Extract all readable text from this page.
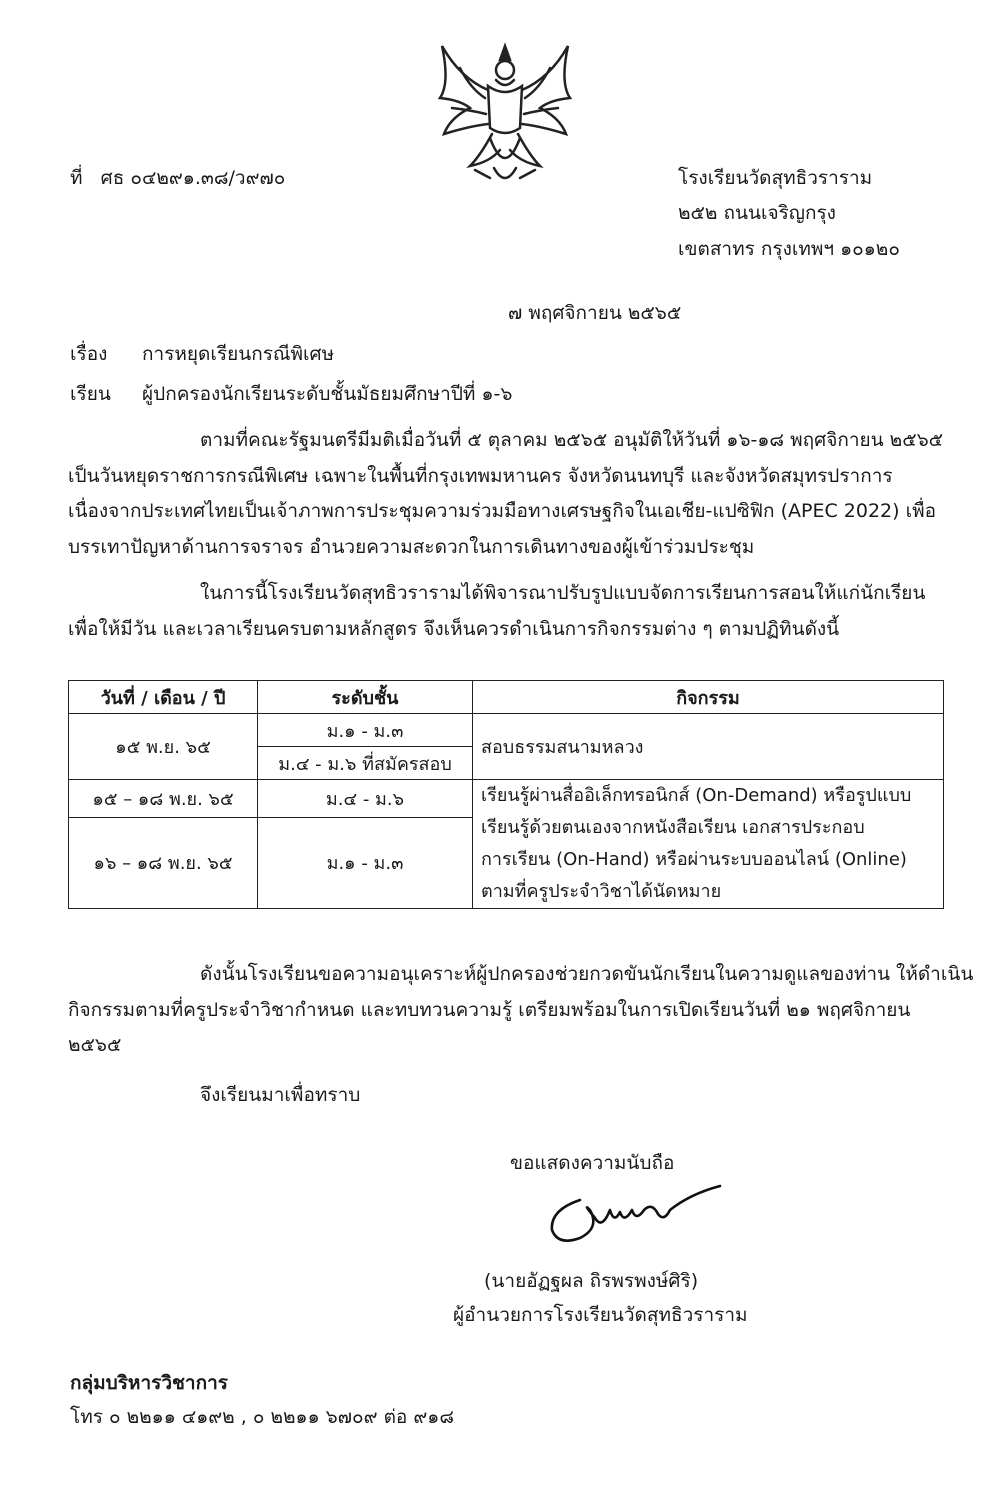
ที่ ศธ ๐๔๒๙๑.๓๘/ว๙๗๐	โรงเรียนวัดสุทธิวราราม
๒๕๒ ถนนเจริญกรุง
เขตสาทร กรุงเทพฯ ๑๐๑๒๐
๗ พฤศจิกายน ๒๕๖๕
เรื่อง การหยุดเรียนกรณีพิเศษ
เรียน ผู้ปกครองนักเรียนระดับชั้นมัธยมศึกษาปีที่ ๑-๖
ตามที่คณะรัฐมนตรีมีมติเมื่อวันที่ ๕ ตุลาคม ๒๕๖๕ อนุมัติให้วันที่ ๑๖-๑๘ พฤศจิกายน ๒๕๖๕
เป็นวันหยุดราชการกรณีพิเศษ เฉพาะในพื้นที่กรุงเทพมหานคร จังหวัดนนทบุรี และจังหวัดสมุทรปราการ
เนื่องจากประเทศไทยเป็นเจ้าภาพการประชุมความร่วมมือทางเศรษฐกิจในเอเชีย-แปซิฟิก (APEC 2022) เพื่อ
บรรเทาปัญหาด้านการจราจร อำนวยความสะดวกในการเดินทางของผู้เข้าร่วมประชุม
ในการนี้โรงเรียนวัดสุทธิวรารามได้พิจารณาปรับรูปแบบจัดการเรียนการสอนให้แก่นักเรียน
เพื่อให้มีวัน และเวลาเรียนครบตามหลักสูตร จึงเห็นควรดำเนินการกิจกรรมต่าง ๆ ตามปฏิทินดังนี้
วันที่ / เดือน / ปี	ระดับชั้น	กิจกรรม
๑๕ พ.ย. ๖๕	ม.๑ - ม.๓	สอบธรรมสนามหลวง
	ม.๔ - ม.๖ ที่สมัครสอบ	
๑๕ – ๑๘ พ.ย. ๖๕	ม.๔ - ม.๖	เรียนรู้ผ่านสื่ออิเล็กทรอนิกส์ (On-Demand) หรือรูปแบบ
เรียนรู้ด้วยตนเองจากหนังสือเรียน เอกสารประกอบ
การเรียน (On-Hand) หรือผ่านระบบออนไลน์ (Online)
ตามที่ครูประจำวิชาได้นัดหมาย

๑๖ – ๑๘ พ.ย. ๖๕	ม.๑ - ม.๓	
ดังนั้นโรงเรียนขอความอนุเคราะห์ผู้ปกครองช่วยกวดขันนักเรียนในความดูแลของท่าน ให้ดำเนิน
กิจกรรมตามที่ครูประจำวิชากำหนด และทบทวนความรู้ เตรียมพร้อมในการเปิดเรียนวันที่ ๒๑ พฤศจิกายน
๒๕๖๕
จึงเรียนมาเพื่อทราบ
ขอแสดงความนับถือ
(นายอัฏฐผล ถิรพรพงษ์ศิริ)
ผู้อำนวยการโรงเรียนวัดสุทธิวราราม
กลุ่มบริหารวิชาการ
โทร ๐ ๒๒๑๑ ๔๑๙๒ , ๐ ๒๒๑๑ ๖๗๐๙ ต่อ ๙๑๘
